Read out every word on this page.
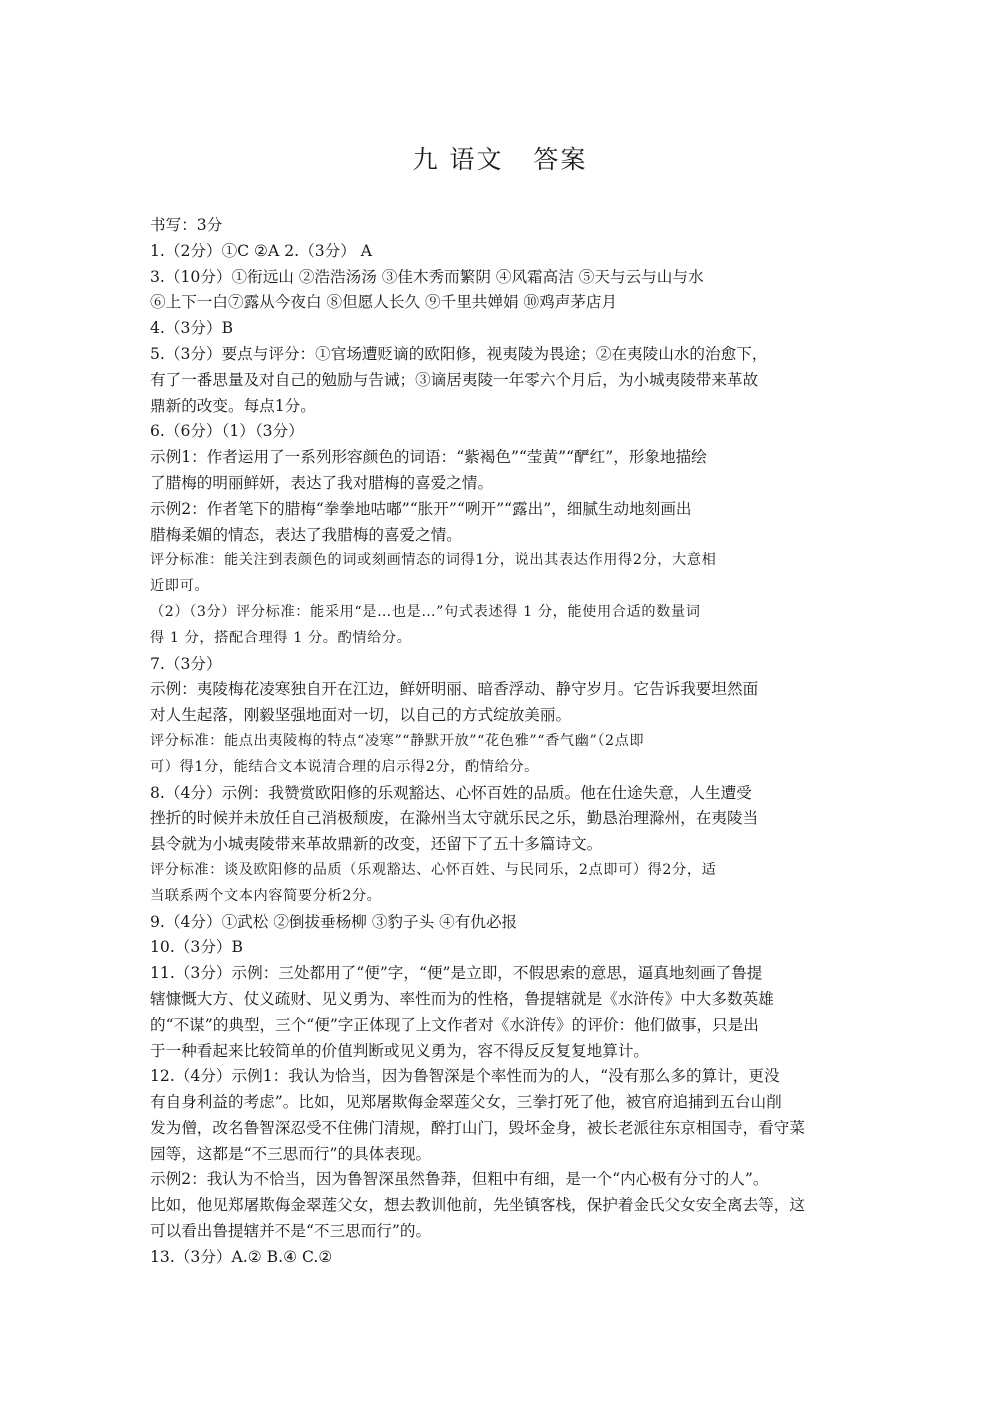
九 语文   答案
书写：3分
1.（2分）①C ②A 2.（3分） A
3.（10分）①衔远山 ②浩浩汤汤 ③佳木秀而繁阴 ④风霜高洁 ⑤天与云与山与水
⑥上下一白⑦露从今夜白 ⑧但愿人长久 ⑨千里共婵娟 ⑩鸡声茅店月
4.（3分）B
5.（3分）要点与评分：①官场遭贬谪的欧阳修，视夷陵为畏途；②在夷陵山水的治愈下，
有了一番思量及对自己的勉励与告诫；③谪居夷陵一年零六个月后，为小城夷陵带来革故
鼎新的改变。每点1分。
6.（6分）（1）（3分）
示例1：作者运用了一系列形容颜色的词语：“紫褐色”“莹黄”“酽红”，形象地描绘
了腊梅的明丽鲜妍，表达了我对腊梅的喜爱之情。
示例2：作者笔下的腊梅“拳拳地咕嘟”“胀开”“咧开”“露出”，细腻生动地刻画出
腊梅柔媚的情态，表达了我腊梅的喜爱之情。
评分标准：能关注到表颜色的词或刻画情态的词得1分，说出其表达作用得2分，大意相
近即可。
（2）（3分）评分标准：能采用“是…也是…”句式表述得 1 分，能使用合适的数量词
得 1 分，搭配合理得 1 分。酌情给分。
7.（3分）
示例：夷陵梅花凌寒独自开在江边，鲜妍明丽、暗香浮动、静守岁月。它告诉我要坦然面
对人生起落，刚毅坚强地面对一切，以自己的方式绽放美丽。
评分标准：能点出夷陵梅的特点“凌寒”“静默开放”“花色雅”“香气幽”（2点即
可）得1分，能结合文本说清合理的启示得2分，酌情给分。
8.（4分）示例：我赞赏欧阳修的乐观豁达、心怀百姓的品质。他在仕途失意，人生遭受
挫折的时候并未放任自己消极颓废，在滁州当太守就乐民之乐，勤恳治理滁州，在夷陵当
县令就为小城夷陵带来革故鼎新的改变，还留下了五十多篇诗文。
评分标准：谈及欧阳修的品质（乐观豁达、心怀百姓、与民同乐，2点即可）得2分，适
当联系两个文本内容简要分析2分。
9.（4分）①武松 ②倒拔垂杨柳 ③豹子头 ④有仇必报
10.（3分）B
11.（3分）示例：三处都用了“便”字，“便”是立即，不假思索的意思，逼真地刻画了鲁提
辖慷慨大方、仗义疏财、见义勇为、率性而为的性格，鲁提辖就是《水浒传》中大多数英雄
的“不谋”的典型，三个“便”字正体现了上文作者对《水浒传》的评价：他们做事，只是出
于一种看起来比较简单的价值判断或见义勇为，容不得反反复复地算计。
12.（4分）示例1：我认为恰当，因为鲁智深是个率性而为的人，“没有那么多的算计，更没
有自身利益的考虑”。比如，见郑屠欺侮金翠莲父女，三拳打死了他，被官府追捕到五台山削
发为僧，改名鲁智深忍受不住佛门清规，醉打山门，毁坏金身，被长老派往东京相国寺，看守菜
园等，这都是“不三思而行”的具体表现。
示例2：我认为不恰当，因为鲁智深虽然鲁莽，但粗中有细，是一个“内心极有分寸的人”。
比如，他见郑屠欺侮金翠莲父女，想去教训他前，先坐镇客栈，保护着金氏父女安全离去等，这
可以看出鲁提辖并不是“不三思而行”的。
13.（3分）A.② B.④ C.②
